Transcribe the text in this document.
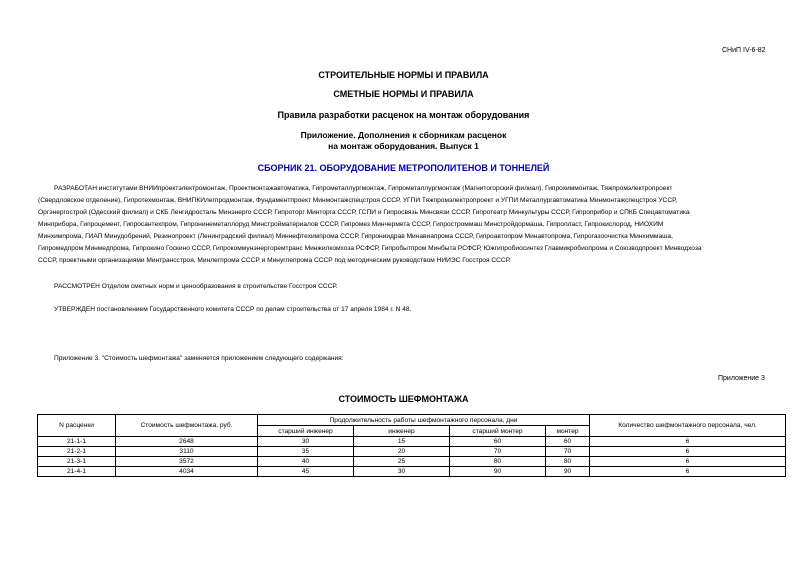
СНиП IV-6-82
СТРОИТЕЛЬНЫЕ НОРМЫ И ПРАВИЛА
СМЕТНЫЕ НОРМЫ И ПРАВИЛА
Правила разработки расценок на монтаж оборудования
Приложение. Дополнения к сборникам расценок
на монтаж оборудования. Выпуск 1
СБОРНИК 21. ОБОРУДОВАНИЕ МЕТРОПОЛИТЕНОВ И ТОННЕЛЕЙ
РАЗРАБОТАН институтами ВНИИпроектэлектромонтаж, Проектмонтажавтоматика, Гипрометаллургмонтаж, Гипрометаллургмонтаж (Магнитогорский филиал), Гипрохиммонтаж, Тяжпромэлектропроект
(Свердловское отделение), Гипротехмонтаж, ВНИПКИлегпродмонтаж, Фундаментпроект Минмонтажспецстроя СССР, УГПИ Тяжпромэлектропроект и УГПИ Металлургавтоматика Минмонтажспецстроя УССР,
Оргэнергострой (Одесский филиал) и СКБ Ленгидросталь Минэнерго СССР, Гипроторг Минторга СССР, ГСПИ и Гипросвязь Минсвязи СССР, Гипротеатр Минкультуры СССР, Гипроприбор и СПКБ Спецавтоматика
Минприбора, Гипроцемент, Гипросантехпром, Гипронинеметаллоруд Минстройматериалов СССР, Гипромез Минчермета СССР, Гипростроммаш Минстройдормаша, Гипропласт, Гипрокислород, НИОХИМ
Минхимпрома, ГИАП Минудобрений, Резинопроект (Ленинградский филиал) Миннефтехимпрома СССР, Гипрониидрав Минавиапрома СССР, Гипроавтопром Минавтопрома, Гипрогазоочистка Минхиммаша,
Гипромедпром Минмедпрома, Гипрокино Госкино СССР, Гипрокоммунэнергоремтранс Минжилкомхоза РСФСР, Гипробытпром Минбыта РСФСР, Южгипробиосинтез Главмикробиопрома и Союзводпроект Минводхоза
СССР, проектными организациями Минтрансстроя, Минлегпрома СССР и Минуглепрома СССР под методическим руководством НИИЭС Госстроя СССР.
РАССМОТРЕН Отделом сметных норм и ценообразования в строительстве Госстроя СССР.
УТВЕРЖДЕН постановлением Государственного комитета СССР по делам строительства от 17 апреля 1984 г. N 48.
Приложение 3. "Стоимость шефмонтажа" заменяется приложением следующего содержания:
Приложение 3
СТОИМОСТЬ ШЕФМОНТАЖА
N расценки	Стоимость шефмонтажа, руб.	Продолжительность работы шефмонтажного персонала, дни				Количество шефмонтажного персонала, чел.
		старший инженер	инженер	старший монтер	монтер	
21-1-1	2648	30	15	60	60	6
21-2-1	3110	35	20	70	70	6
21-3-1	3572	40	25	80	80	6
21-4-1	4034	45	30	90	90	6
